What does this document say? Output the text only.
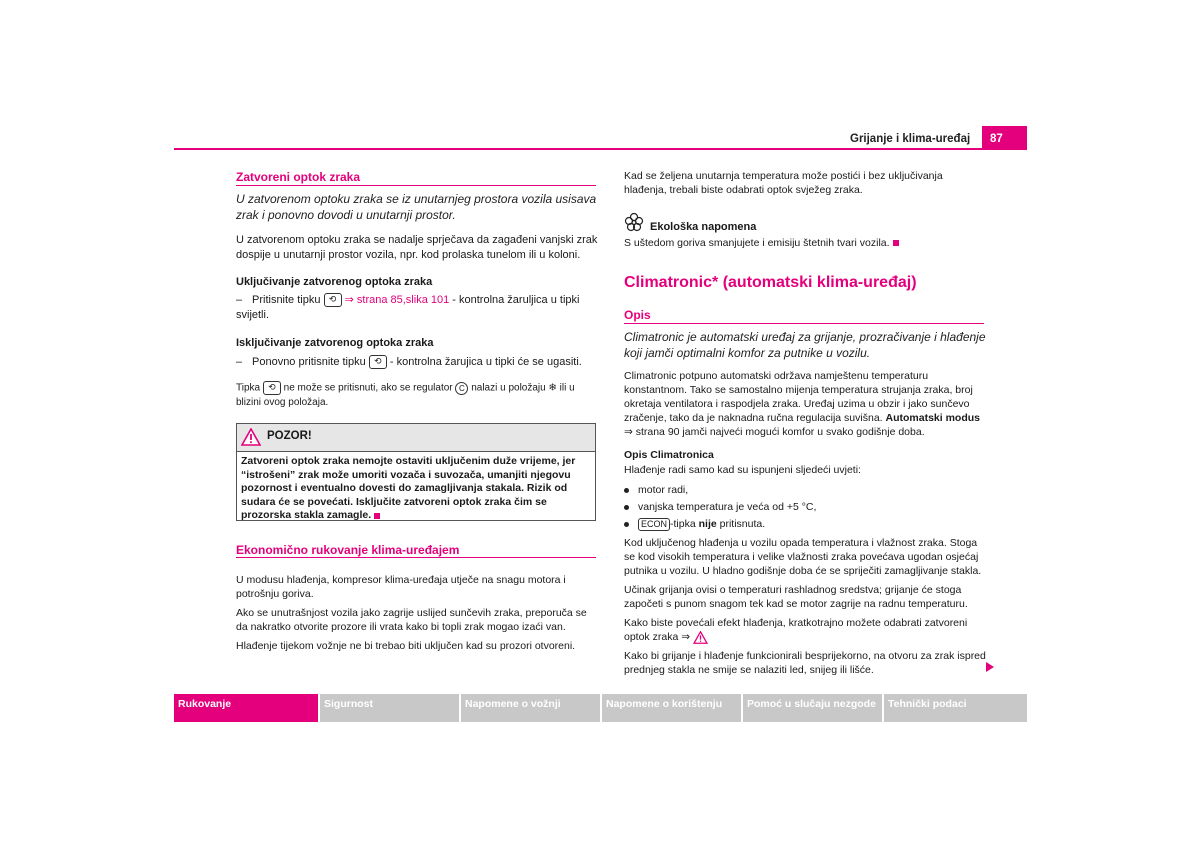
Grijanje i klima-uređaj	87
Zatvoreni optok zraka
U zatvorenom optoku zraka se iz unutarnjeg prostora vozila usisava zrak i ponovno dovodi u unutarnji prostor.
U zatvorenom optoku zraka se nadalje sprječava da zagađeni vanjski zrak dospije u unutarnji prostor vozila, npr. kod prolaska tunelom ili u koloni.
Uključivanje zatvorenog optoka zraka
– Pritisnite tipku ⟲ ⇒ strana 85,slika 101 - kontrolna žaruljica u tipki svijetli.
Isključivanje zatvorenog optoka zraka
– Ponovno pritisnite tipku ⟲ - kontrolna žarujica u tipki će se ugasiti.
Tipka ⟲ ne može se pritisnuti, ako se regulator C nalazi u položaju ❄ ili u blizini ovog položaja.
POZOR!
Zatvoreni optok zraka nemojte ostaviti uključenim duže vrijeme, jer “istrošeni” zrak može umoriti vozača i suvozača, umanjiti njegovu pozornost i eventualno dovesti do zamagljivanja stakala. Rizik od sudara će se povećati. Isključite zatvoreni optok zraka čim se prozorska stakla zamagle.
Ekonomično rukovanje klima-uređajem
U modusu hlađenja, kompresor klima-uređaja utječe na snagu motora i potrošnju goriva.
Ako se unutrašnjost vozila jako zagrije uslijed sunčevih zraka, preporuča se da nakratko otvorite prozore ili vrata kako bi topli zrak mogao izaći van.
Hlađenje tijekom vožnje ne bi trebao biti uključen kad su prozori otvoreni.
Kad se željena unutarnja temperatura može postići i bez uključivanja hlađenja, trebali biste odabrati optok svježeg zraka.
Ekološka napomena
S uštedom goriva smanjujete i emisiju štetnih tvari vozila.
Climatronic* (automatski klima-uređaj)
Opis
Climatronic je automatski uređaj za grijanje, prozračivanje i hlađenje koji jamči optimalni komfor za putnike u vozilu.
Climatronic potpuno automatski održava namještenu temperaturu konstantnom. Tako se samostalno mijenja temperatura strujanja zraka, broj okretaja ventilatora i raspodjela zraka. Uređaj uzima u obzir i jako sunčevo zračenje, tako da je naknadna ručna regulacija suvišna. Automatski modus ⇒ strana 90 jamči najveći mogući komfor u svako godišnje doba.
Opis Climatronica
Hlađenje radi samo kad su ispunjeni sljedeći uvjeti:
motor radi,
vanjska temperatura je veća od +5 °C,
ECON -tipka nije pritisnuta.
Kod uključenog hlađenja u vozilu opada temperatura i vlažnost zraka. Stoga se kod visokih temperatura i velike vlažnosti zraka povećava ugodan osjećaj putnika u vozilu. U hladno godišnje doba će se spriječiti zamagljivanje stakla.
Učinak grijanja ovisi o temperaturi rashladnog sredstva; grijanje će stoga započeti s punom snagom tek kad se motor zagrije na radnu temperaturu.
Kako biste povećali efekt hlađenja, kratkotrajno možete odabrati zatvoreni optok zraka ⇒
Kako bi grijanje i hlađenje funkcionirali besprijekorno, na otvoru za zrak ispred prednjeg stakla ne smije se nalaziti led, snijeg ili lišće.
Rukovanje	Sigurnost	Napomene o vožnji	Napomene o korištenju	Pomoć u slučaju nezgode	Tehnički podaci
